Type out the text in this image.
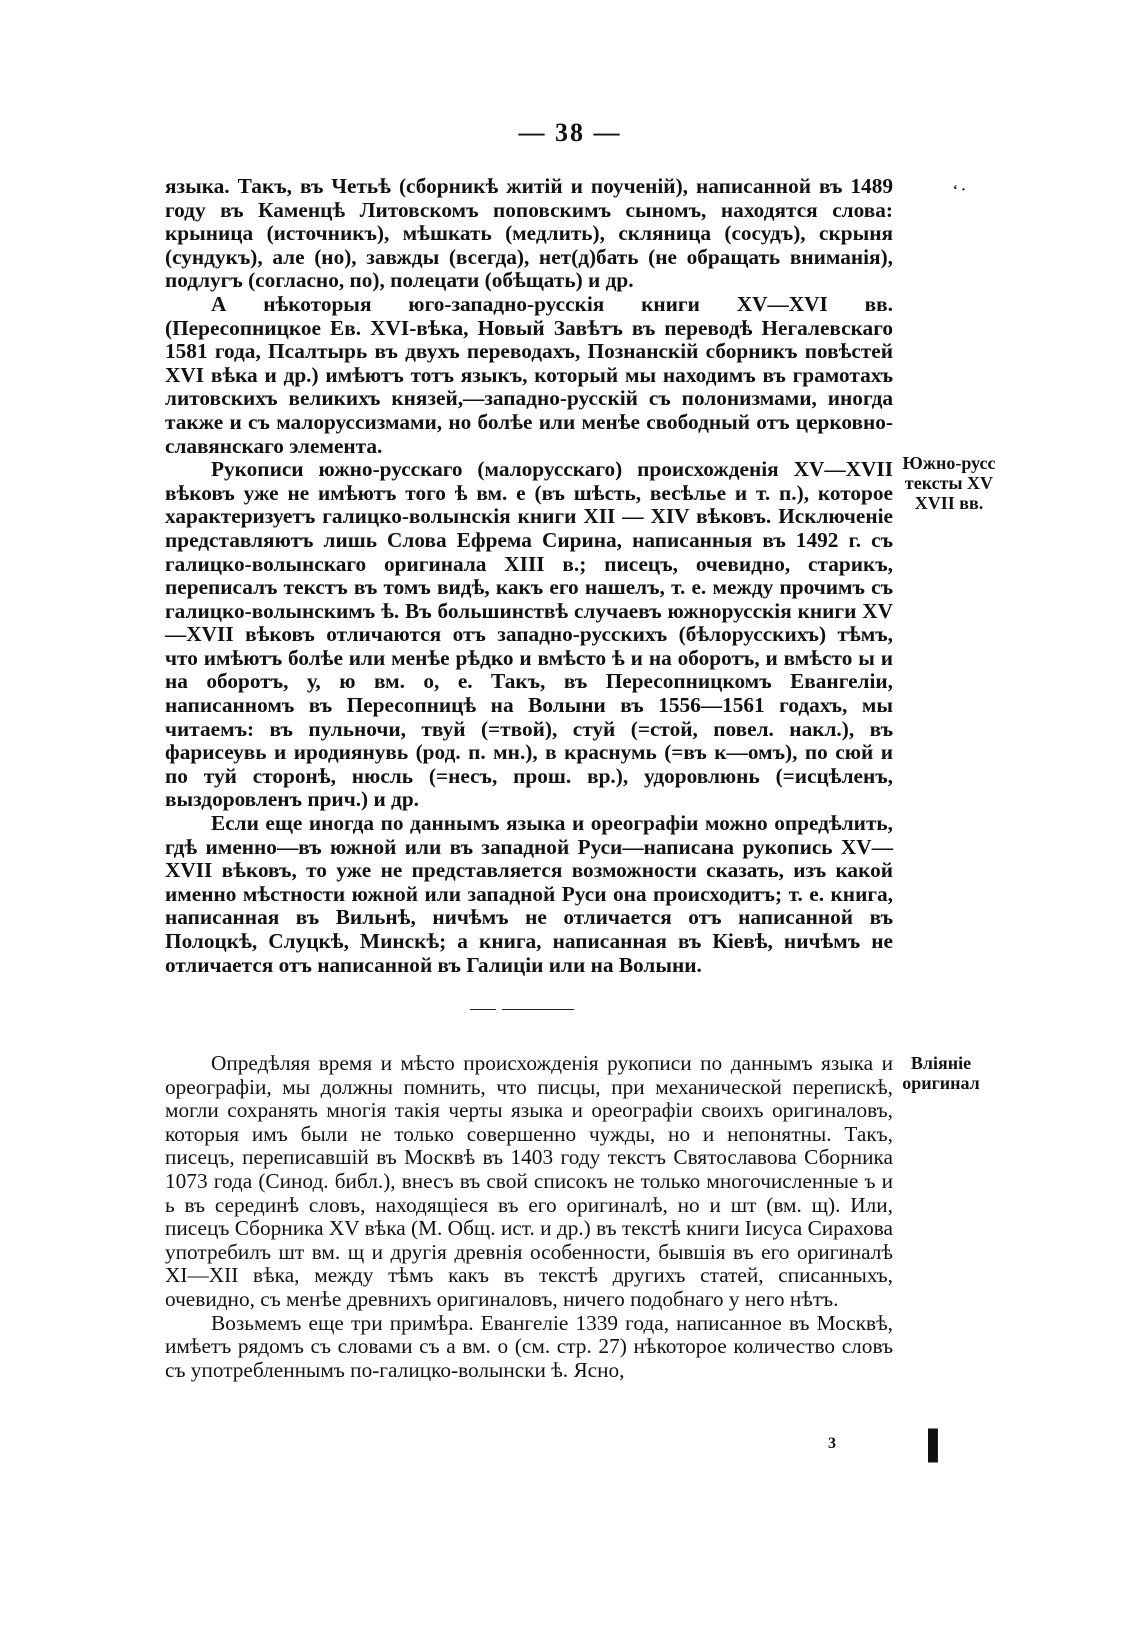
— 38 —
ʻ ·

языка. Такъ, въ Четьѣ (сборникѣ житій и поученій), написанной въ 1489 году въ Каменцѣ Литовскомъ поповскимъ сыномъ, находятся слова: крыница (источникъ), мѣшкать (медлить), скляница (сосудъ), скрыня (сундукъ), але (но), завжды (всегда), нет(д)бать (не обращать вниманія), подлугъ (согласно, по), полецати (обѣщать) и др.

А нѣкоторыя юго-западно-русскія книги XV—XVI вв. (Пересопницкое Ев. XVI-вѣка, Новый Завѣтъ въ переводѣ Негалевскаго 1581 года, Псалтырь въ двухъ переводахъ, Познанскій сборникъ повѣстей XVI вѣка и др.) имѣютъ тотъ языкъ, который мы находимъ въ грамотахъ литовскихъ великихъ князей,—западно-русскій съ полонизмами, иногда также и съ малоруссизмами, но болѣе или менѣе свободный отъ церковно-славянскаго элемента.

Рукописи южно-русскаго (малорусскаго) происхожденія XV—XVII вѣковъ уже не имѣютъ того ѣ вм. е (въ шѣсть, весѣлье и т. п.), которое характеризуетъ галицко-волынскія книги XII — XIV вѣковъ. Исключеніе представляютъ лишь Слова Ефрема Сирина, написанныя въ 1492 г. съ галицко-волынскаго оригинала XIII в.; писецъ, очевидно, старикъ, переписалъ текстъ въ томъ видѣ, какъ его нашелъ, т. е. между прочимъ съ галицко-волынскимъ ѣ. Въ большинствѣ случаевъ южнорусскія книги XV—XVII вѣковъ отличаются отъ западно-русскихъ (бѣлорусскихъ) тѣмъ, что имѣютъ болѣе или менѣе рѣдко и вмѣсто ѣ и на оборотъ, и вмѣсто ы и на оборотъ, у, ю вм. о, е. Такъ, въ Пересопницкомъ Евангеліи, написанномъ въ Пересопницѣ на Волыни въ 1556—1561 годахъ, мы читаемъ: въ пульночи, твуй (=твой), стуй (=стой, повел. накл.), въ фарисеувь и иродиянувь (род. п. мн.), в краснумь (=въ к—омъ), по сюй и по туй сторонѣ, нюсль (=несъ, прош. вр.), удоровлюнь (=исцѣленъ, выздоровленъ прич.) и др.

Если еще иногда по даннымъ языка и ореографіи можно опредѣлить, гдѣ именно—въ южной или въ западной Руси—написана рукопись XV—XVII вѣковъ, то уже не представляется возможности сказать, изъ какой именно мѣстности южной или западной Руси она происходитъ; т. е. книга, написанная въ Вильнѣ, ничѣмъ не отличается отъ написанной въ Полоцкѣ, Слуцкѣ, Минскѣ; а книга, написанная въ Кіевѣ, ничѣмъ не отличается отъ написанной въ Галиціи или на Волыни.

Южно-русс
тексты XV
XVII вв.

Опредѣляя время и мѣсто происхожденія рукописи по даннымъ языка и ореографіи, мы должны помнить, что писцы, при механической перепискѣ, могли сохранять многія такія черты языка и ореографіи своихъ оригиналовъ, которыя имъ были не только совершенно чужды, но и непонятны. Такъ, писецъ, переписавшій въ Москвѣ въ 1403 году текстъ Святославова Сборника 1073 года (Синод. библ.), внесъ въ свой списокъ не только многочисленные ъ и ь въ серединѣ словъ, находящіеся въ его оригиналѣ, но и шт (вм. щ). Или, писецъ Сборника XV вѣка (М. Общ. ист. и др.) въ текстѣ книги Іисуса Сирахова употребилъ шт вм. щ и другія древнія особенности, бывшія въ его оригиналѣ XI—XII вѣка, между тѣмъ какъ въ текстѣ другихъ статей, списанныхъ, очевидно, съ менѣе древнихъ оригиналовъ, ничего подобнаго у него нѣтъ.

Возьмемъ еще три примѣра. Евангеліе 1339 года, написанное въ Москвѣ, имѣетъ рядомъ съ словами съ а вм. о (см. стр. 27) нѣкоторое количество словъ съ употребленнымъ по-галицко-волынски ѣ. Ясно,

Вліяніе
оригинал
3	▌
